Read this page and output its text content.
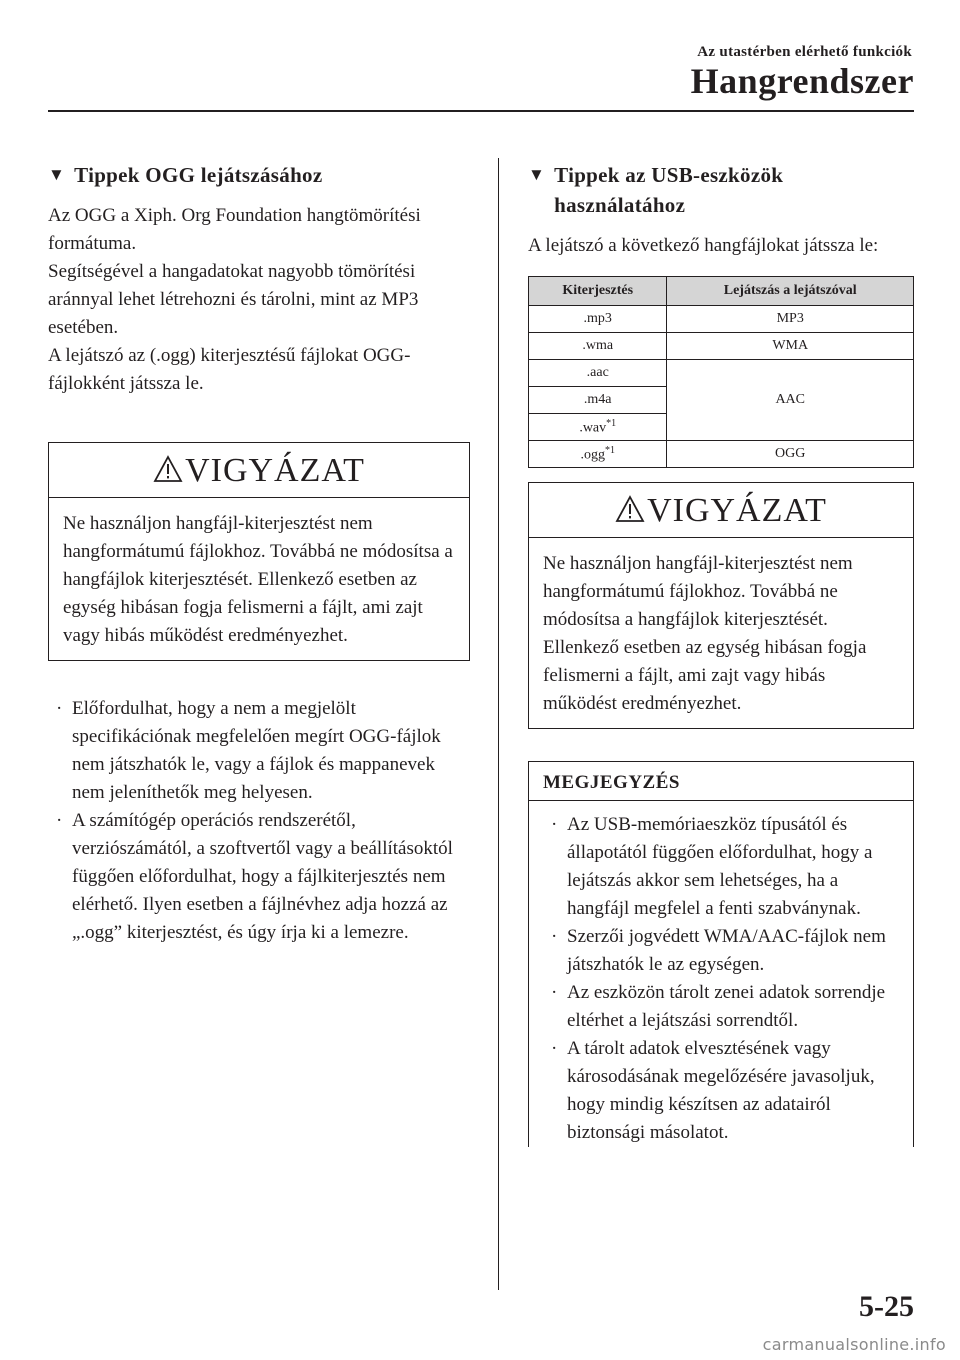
Az utastérben elérhető funkciók
Hangrendszer
▼ Tippek OGG lejátszásához

Az OGG a Xiph. Org Foundation hangtömörítési formátuma.

Segítségével a hangadatokat nagyobb tömörítési aránnyal lehet létrehozni és tárolni, mint az MP3 esetében.

A lejátszó az (.ogg) kiterjesztésű fájlokat OGG-fájlokként játssza le.

VIGYÁZAT
Ne használjon hangfájl-kiterjesztést nem hangformátumú fájlokhoz. Továbbá ne módosítsa a hangfájlok kiterjesztését. Ellenkező esetben az egység hibásan fogja felismerni a fájlt, ami zajt vagy hibás működést eredményezhet.
· Előfordulhat, hogy a nem a megjelölt specifikációnak megfelelően megírt OGG-fájlok nem játszhatók le, vagy a fájlok és mappanevek nem jeleníthetők meg helyesen.
· A számítógép operációs rendszerétől, verziószámától, a szoftvertől vagy a beállításoktól függően előfordulhat, hogy a fájlkiterjesztés nem elérhető. Ilyen esetben a fájlnévhez adja hozzá az „.ogg” kiterjesztést, és úgy írja ki a lemezre.
▼ Tippek az USB-eszközök
használatához

A lejátszó a következő hangfájlokat játssza le:

Kiterjesztés	Lejátszás a lejátszóval
.mp3	MP3
.wma	WMA
.aac	AAC
.m4a	
.wav$^{*1}$
.ogg$^{*1}$	OGG
VIGYÁZAT
Ne használjon hangfájl-kiterjesztést nem hangformátumú fájlokhoz. Továbbá ne módosítsa a hangfájlok kiterjesztését. Ellenkező esetben az egység hibásan fogja felismerni a fájlt, ami zajt vagy hibás működést eredményezhet.
MEGJEGYZÉS
· Az USB-memóriaeszköz típusától és állapotától függően előfordulhat, hogy a lejátszás akkor sem lehetséges, ha a hangfájl megfelel a fenti szabványnak.
· Szerzői jogvédett WMA/AAC-fájlok nem játszhatók le az egységen.
· Az eszközön tárolt zenei adatok sorrendje eltérhet a lejátszási sorrendtől.
· A tárolt adatok elvesztésének vagy károsodásának megelőzésére javasoljuk, hogy mindig készítsen az adatairól biztonsági másolatot.
5-25
carmanualsonline.info
